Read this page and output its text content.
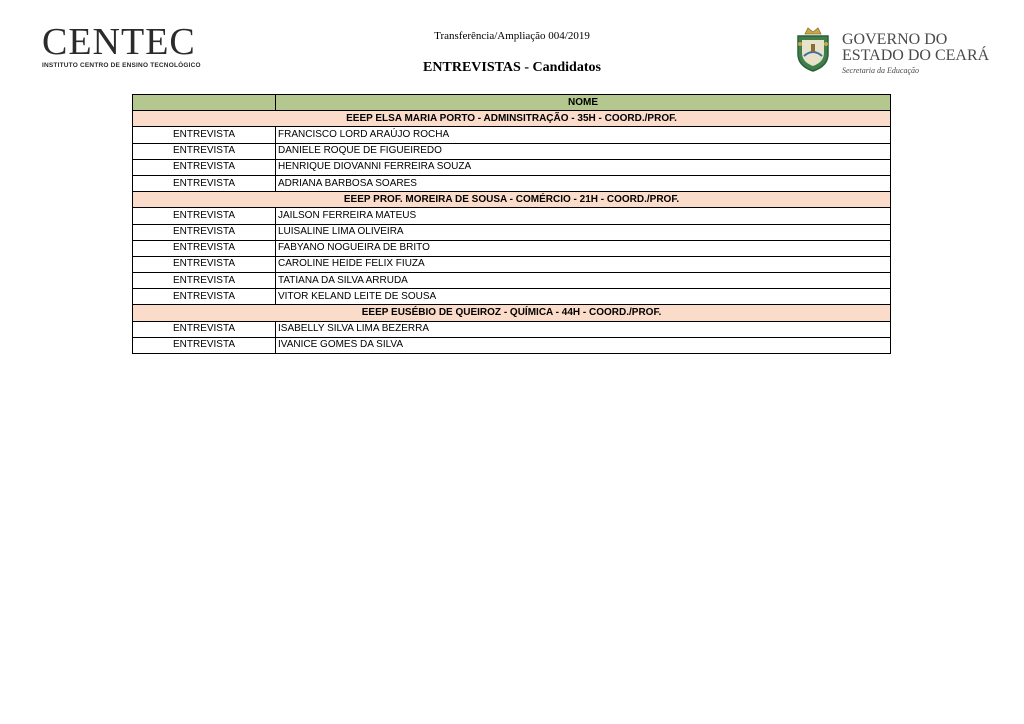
CENTEC
INSTITUTO CENTRO DE ENSINO TECNOLÓGICO
Transferência/Ampliação 004/2019
ENTREVISTAS - Candidatos
GOVERNO DO
ESTADO DO CEARÁ
Secretaria da Educação
	NOME
EEEP ELSA MARIA PORTO - ADMINSITRAÇÃO - 35H - COORD./PROF.	
ENTREVISTA	FRANCISCO LORD ARAÚJO ROCHA
ENTREVISTA	DANIELE ROQUE DE FIGUEIREDO
ENTREVISTA	HENRIQUE DIOVANNI FERREIRA SOUZA
ENTREVISTA	ADRIANA BARBOSA SOARES
EEEP PROF. MOREIRA DE SOUSA - COMÉRCIO - 21H - COORD./PROF.	
ENTREVISTA	JAILSON FERREIRA MATEUS
ENTREVISTA	LUISALINE LIMA OLIVEIRA
ENTREVISTA	FABYANO NOGUEIRA DE BRITO
ENTREVISTA	CAROLINE HEIDE FELIX FIUZA
ENTREVISTA	TATIANA DA SILVA ARRUDA
ENTREVISTA	VITOR KELAND LEITE DE SOUSA
EEEP EUSÉBIO DE QUEIROZ - QUÍMICA - 44H - COORD./PROF.	
ENTREVISTA	ISABELLY SILVA LIMA BEZERRA
ENTREVISTA	IVANICE GOMES DA SILVA
